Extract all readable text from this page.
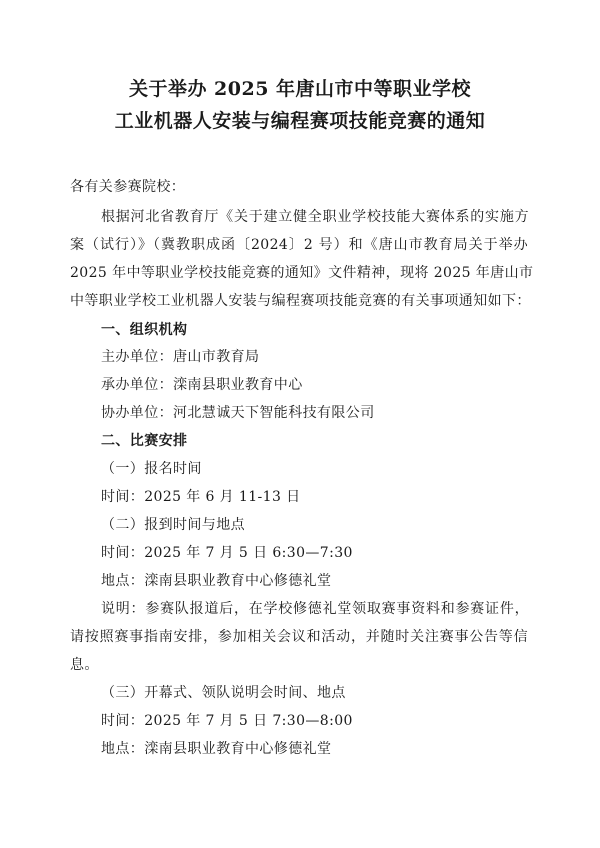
关于举办 2025 年唐山市中等职业学校
工业机器人安装与编程赛项技能竞赛的通知
各有关参赛院校：
根据河北省教育厅《关于建立健全职业学校技能大赛体系的实施方
案（试行）》（冀教职成函〔2024〕2 号）和《唐山市教育局关于举办
2025 年中等职业学校技能竞赛的通知》文件精神，现将 2025 年唐山市
中等职业学校工业机器人安装与编程赛项技能竞赛的有关事项通知如下：
一、组织机构
主办单位：唐山市教育局
承办单位：滦南县职业教育中心
协办单位：河北慧诚天下智能科技有限公司
二、比赛安排
（一）报名时间
时间：2025 年 6 月 11-13 日
（二）报到时间与地点
时间：2025 年 7 月 5 日 6:30—7:30
地点：滦南县职业教育中心修德礼堂
说明：参赛队报道后，在学校修德礼堂领取赛事资料和参赛证件，
请按照赛事指南安排，参加相关会议和活动，并随时关注赛事公告等信
息。
（三）开幕式、领队说明会时间、地点
时间：2025 年 7 月 5 日 7:30—8:00
地点：滦南县职业教育中心修德礼堂
